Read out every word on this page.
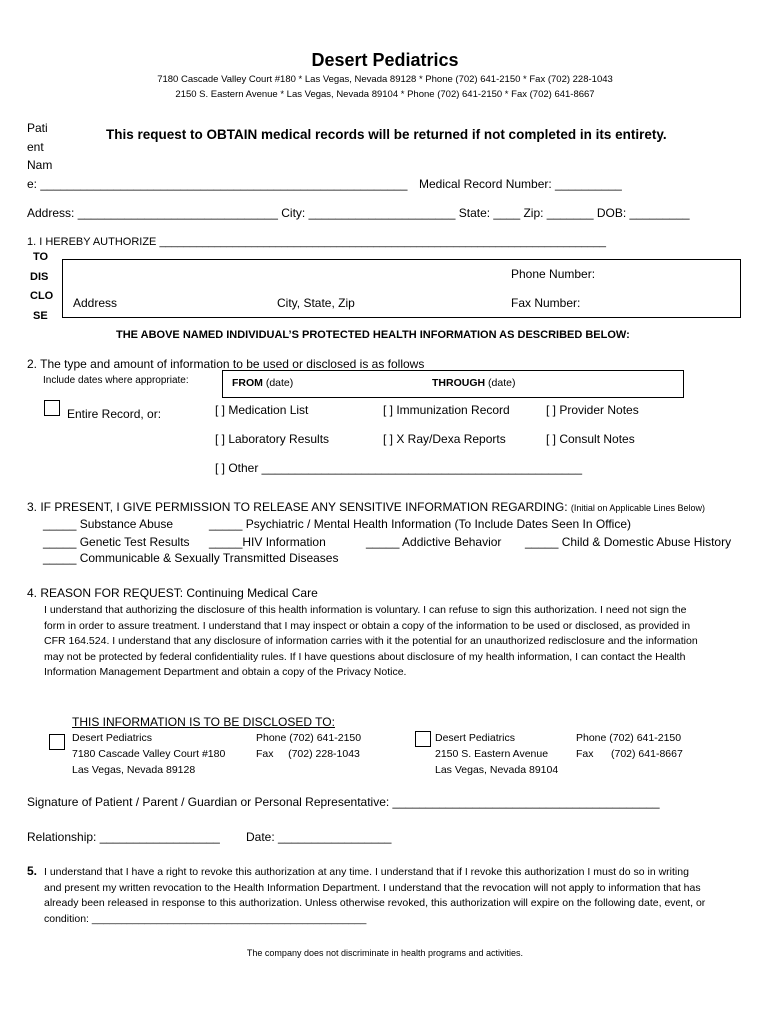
Desert Pediatrics
7180 Cascade Valley Court #180 * Las Vegas, Nevada 89128 * Phone (702) 641-2150 * Fax (702) 228-1043
2150 S. Eastern Avenue * Las Vegas, Nevada 89104 * Phone (702) 641-2150 * Fax (702) 641-8667
Pati
ent
Nam
This request to OBTAIN medical records will be returned if not completed in its entirety.
e: _______________________________________________________ Medical Record Number: __________
Address: ______________________________ City: ______________________ State: ____ Zip: _______ DOB: _________
1. I HEREBY AUTHORIZE _________________________________________________________________________
TO
DIS
CLO
SE
Phone Number:
Address	City, State, Zip	Fax Number:
THE ABOVE NAMED INDIVIDUAL’S PROTECTED HEALTH INFORMATION AS DESCRIBED BELOW:
2. The type and amount of information to be used or disclosed is as follows
Include dates where appropriate:	FROM (date)	THROUGH (date)
Entire Record, or:	[ ] Medication List	[ ] Immunization Record	[ ] Provider Notes
[ ] Laboratory Results	[ ] X Ray/Dexa Reports	[ ] Consult Notes
[ ] Other ________________________________________________
3. IF PRESENT, I GIVE PERMISSION TO RELEASE ANY SENSITIVE INFORMATION REGARDING: (Initial on Applicable Lines Below)
_____ Substance Abuse	_____ Psychiatric / Mental Health Information (To Include Dates Seen In Office)
_____ Genetic Test Results _____HIV Information	_____ Addictive Behavior _____ Child & Domestic Abuse History
_____ Communicable & Sexually Transmitted Diseases
4. REASON FOR REQUEST: Continuing Medical Care
I understand that authorizing the disclosure of this health information is voluntary. I can refuse to sign this authorization. I need not sign the form in order to assure treatment. I understand that I may inspect or obtain a copy of the information to be used or disclosed, as provided in CFR 164.524. I understand that any disclosure of information carries with it the potential for an unauthorized redisclosure and the information may not be protected by federal confidentiality rules. If I have questions about disclosure of my health information, I can contact the Health Information Management Department and obtain a copy of the Privacy Notice.
THIS INFORMATION IS TO BE DISCLOSED TO:
Desert Pediatrics
7180 Cascade Valley Court #180
Las Vegas, Nevada 89128
Phone (702) 641-2150
Fax     (702) 228-1043
Desert Pediatrics
2150 S. Eastern Avenue
Las Vegas, Nevada 89104
Phone (702) 641-2150
Fax      (702) 641-8667
Signature of Patient / Parent / Guardian or Personal Representative: ________________________________________
Relationship: __________________ Date: _________________
5. I understand that I have a right to revoke this authorization at any time. I understand that if I revoke this authorization I must do so in writing and present my written revocation to the Health Information Department. I understand that the revocation will not apply to information that has already been released in response to this authorization. Unless otherwise revoked, this authorization will expire on the following date, event, or condition: _______________________________________________
The company does not discriminate in health programs and activities.
